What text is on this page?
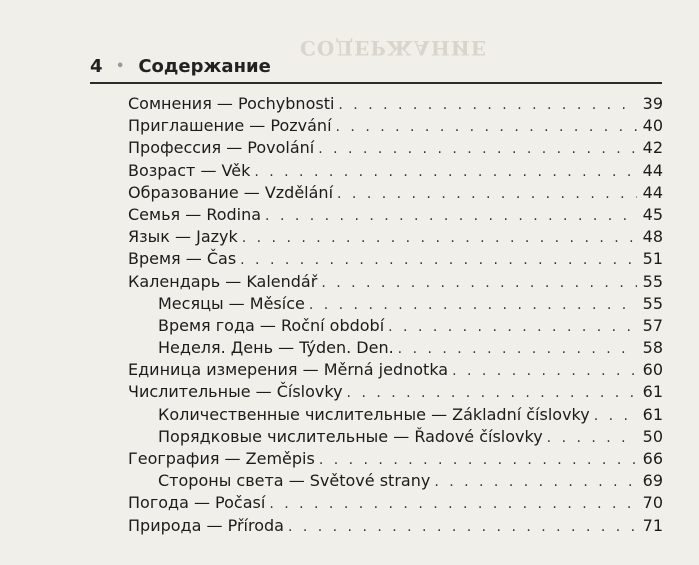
СОДЕРЖАНИЕ
4	• Содержание
Сомнения — Pochybnosti . . .	39
Приглашение — Pozvání . . .	40
Профессия — Povolání . . .	42
Возраст — Věk . . .	44
Образование — Vzdělání . . .	44
Семья — Rodina . . .	45
Язык — Jazyk . . .	48
Время — Čas . . .	51
Календарь — Kalendář . . .	55
Месяцы — Měsíce . . .	55
Время года — Roční období . . .	57
Неделя. День — Týden. Den. . . .	58
Единица измерения — Měrná jednotka . . .	60
Числительные — Číslovky . . .	61
Количественные числительные — Základní číslovky . . .	61
Порядковые числительные — Řadové číslovky . . .	50
География — Zeměpis . . .	66
Стороны света — Světové strany . . .	69
Погода — Počasí . . .	70
Природа — Příroda . . .	71
